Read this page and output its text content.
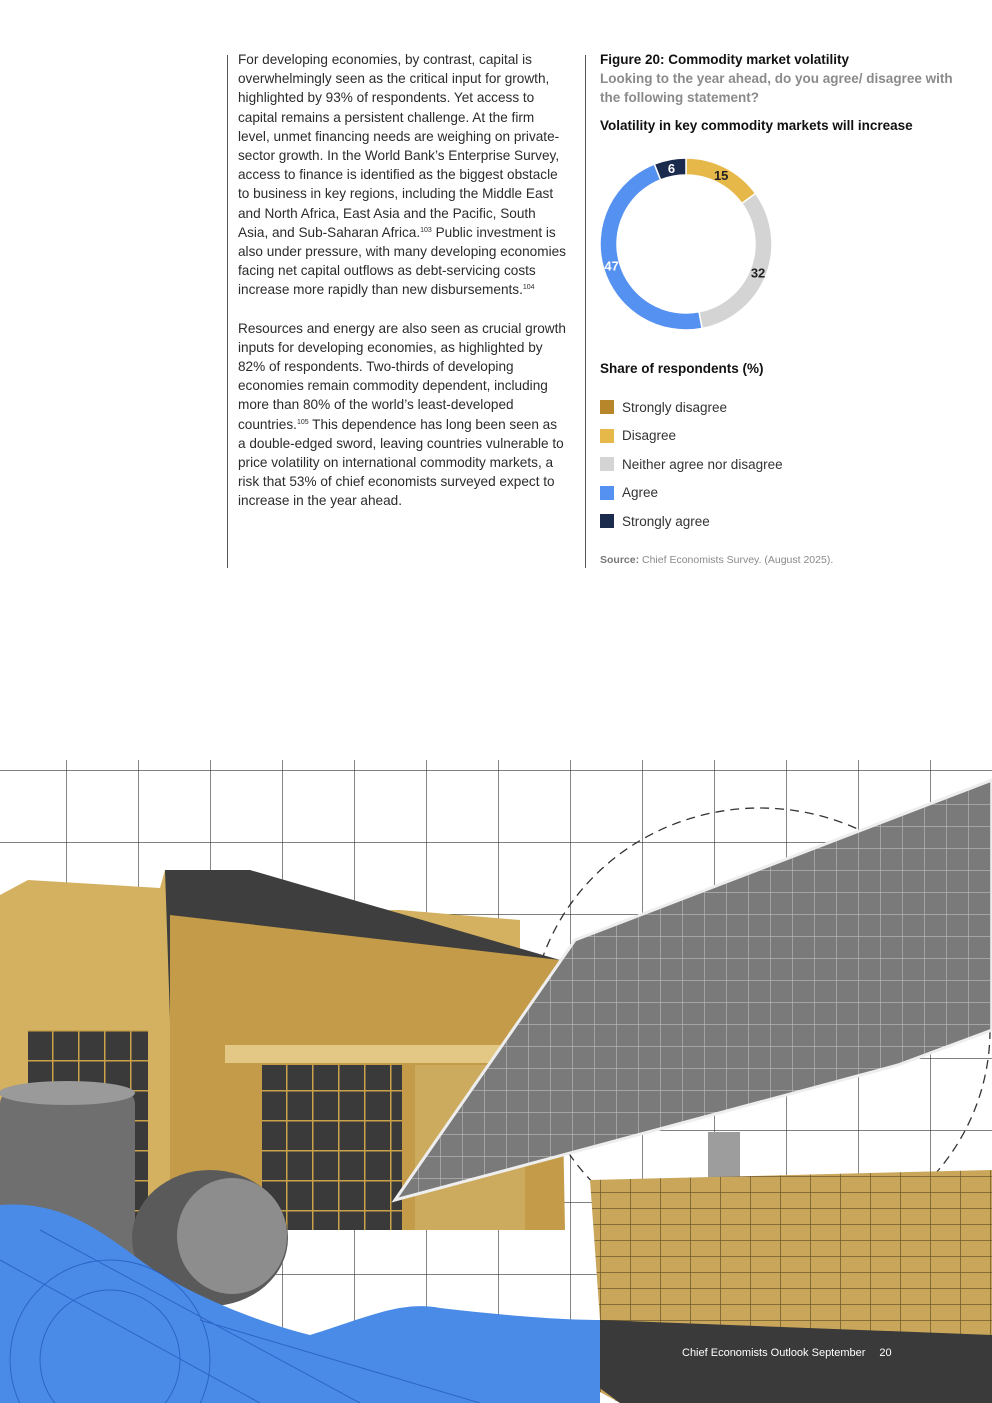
For developing economies, by contrast, capital is overwhelmingly seen as the critical input for growth, highlighted by 93% of respondents. Yet access to capital remains a persistent challenge. At the firm level, unmet financing needs are weighing on private-sector growth. In the World Bank’s Enterprise Survey, access to finance is identified as the biggest obstacle to business in key regions, including the Middle East and North Africa, East Asia and the Pacific, South Asia, and Sub-Saharan Africa.$^{103}$ Public investment is also under pressure, with many developing economies facing net capital outflows as debt-servicing costs increase more rapidly than new disbursements.$^{104}$

Resources and energy are also seen as crucial growth inputs for developing economies, as highlighted by 82% of respondents. Two-thirds of developing economies remain commodity dependent, including more than 80% of the world’s least-developed countries.$^{105}$ This dependence has long been seen as a double-edged sword, leaving countries vulnerable to price volatility on international commodity markets, a risk that 53% of chief economists surveyed expect to increase in the year ahead.

Figure 20: Commodity market volatility
Looking to the year ahead, do you agree/ disagree with the following statement?
Volatility in key commodity markets will increase
15
32
47
6
Share of respondents (%)
Strongly disagree
Disagree
Neither agree nor disagree
Agree
Strongly agree
Source: Chief Economists Survey. (August 2025).
Chief Economists Outlook September 20
